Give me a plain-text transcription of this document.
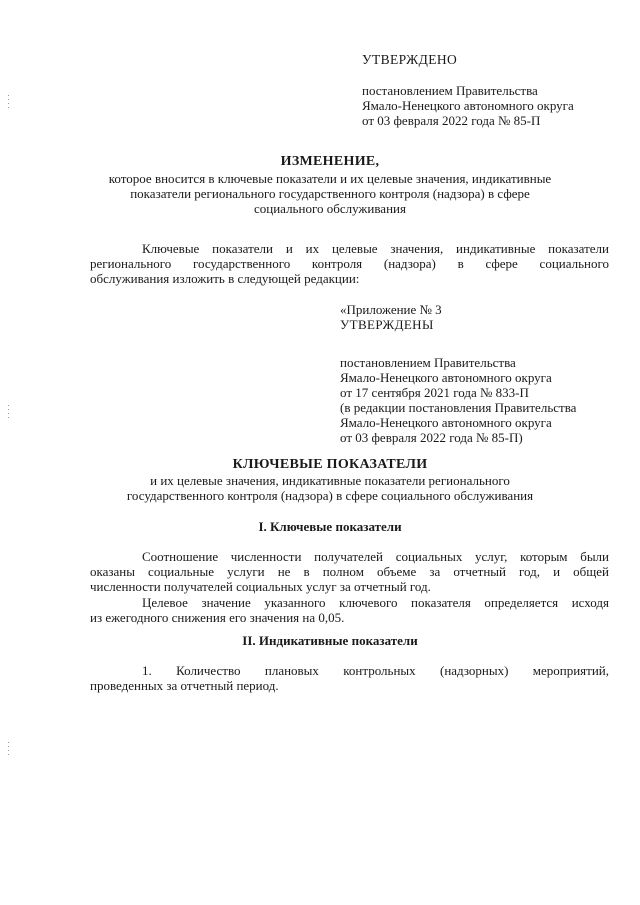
УТВЕРЖДЕНО
постановлением Правительства
Ямало-Ненецкого автономного округа
от 03 февраля 2022 года № 85-П
ИЗМЕНЕНИЕ,
которое вносится в ключевые показатели и их целевые значения, индикативные
показатели регионального государственного контроля (надзора) в сфере
социального обслуживания
Ключевые показатели и их целевые значения, индикативные показатели
регионального государственного контроля (надзора) в сфере социального
обслуживания изложить в следующей редакции:
«Приложение № 3
УТВЕРЖДЕНЫ
постановлением Правительства
Ямало-Ненецкого автономного округа
от 17 сентября 2021 года № 833-П
(в редакции постановления Правительства
Ямало-Ненецкого автономного округа
от 03 февраля 2022 года № 85-П)
КЛЮЧЕВЫЕ ПОКАЗАТЕЛИ
и их целевые значения, индикативные показатели регионального
государственного контроля (надзора) в сфере социального обслуживания
I. Ключевые показатели
Соотношение численности получателей социальных услуг, которым были
оказаны социальные услуги не в полном объеме за отчетный год, и общей
численности получателей социальных услуг за отчетный год.
Целевое значение указанного ключевого показателя определяется исходя
из ежегодного снижения его значения на 0,05.
II. Индикативные показатели
1. Количество плановых контрольных (надзорных) мероприятий,
проведенных за отчетный период.
